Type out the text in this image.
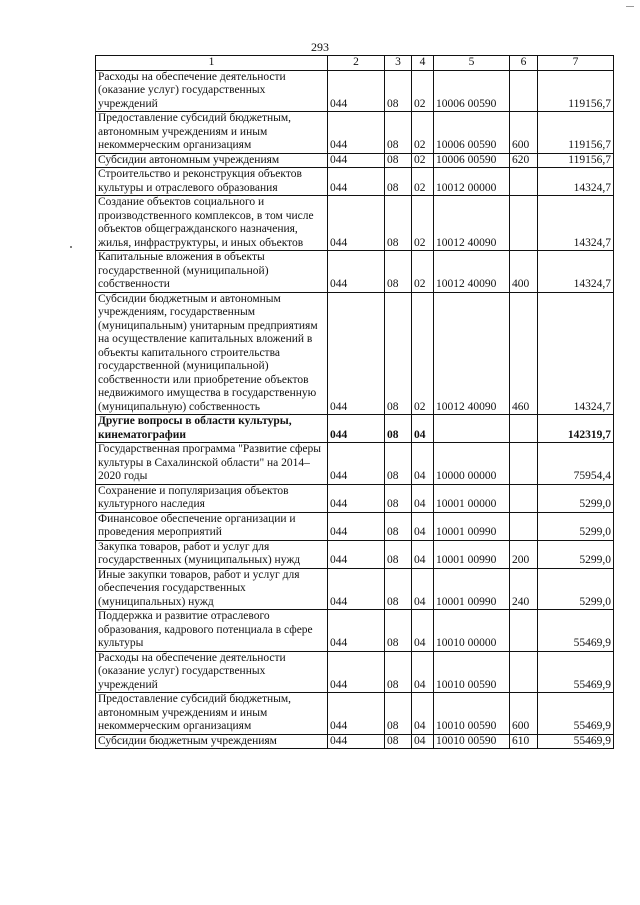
293
1	2	3	4	5	6	7
Расходы на обеспечение деятельности (оказание услуг) государственных учреждений	044	08	02	10006 00590		119156,7
Предоставление субсидий бюджетным, автономным учреждениям и иным некоммерческим организациям	044	08	02	10006 00590	600	119156,7
Субсидии автономным учреждениям	044	08	02	10006 00590	620	119156,7
Строительство и реконструкция объектов культуры и отраслевого образования	044	08	02	10012 00000		14324,7
Создание объектов социального и производственного комплексов, в том числе объектов общегражданского назначения, жилья, инфраструктуры, и иных объектов	044	08	02	10012 40090		14324,7
Капитальные вложения в объекты государственной (муниципальной) собственности	044	08	02	10012 40090	400	14324,7
Субсидии бюджетным и автономным учреждениям, государственным (муниципальным) унитарным предприятиям на осуществление капитальных вложений в объекты капитального строительства государственной (муниципальной) собственности или приобретение объектов недвижимого имущества в государственную (муниципальную) собственность	044	08	02	10012 40090	460	14324,7
Другие вопросы в области культуры, кинематографии	044	08	04			142319,7
Государственная программа "Развитие сферы культуры в Сахалинской области" на 2014–2020 годы	044	08	04	10000 00000		75954,4
Сохранение и популяризация объектов культурного наследия	044	08	04	10001 00000		5299,0
Финансовое обеспечение организации и проведения мероприятий	044	08	04	10001 00990		5299,0
Закупка товаров, работ и услуг для государственных (муниципальных) нужд	044	08	04	10001 00990	200	5299,0
Иные закупки товаров, работ и услуг для обеспечения государственных (муниципальных) нужд	044	08	04	10001 00990	240	5299,0
Поддержка и развитие отраслевого образования, кадрового потенциала в сфере культуры	044	08	04	10010 00000		55469,9
Расходы на обеспечение деятельности (оказание услуг) государственных учреждений	044	08	04	10010 00590		55469,9
Предоставление субсидий бюджетным, автономным учреждениям и иным некоммерческим организациям	044	08	04	10010 00590	600	55469,9
Субсидии бюджетным учреждениям	044	08	04	10010 00590	610	55469,9
